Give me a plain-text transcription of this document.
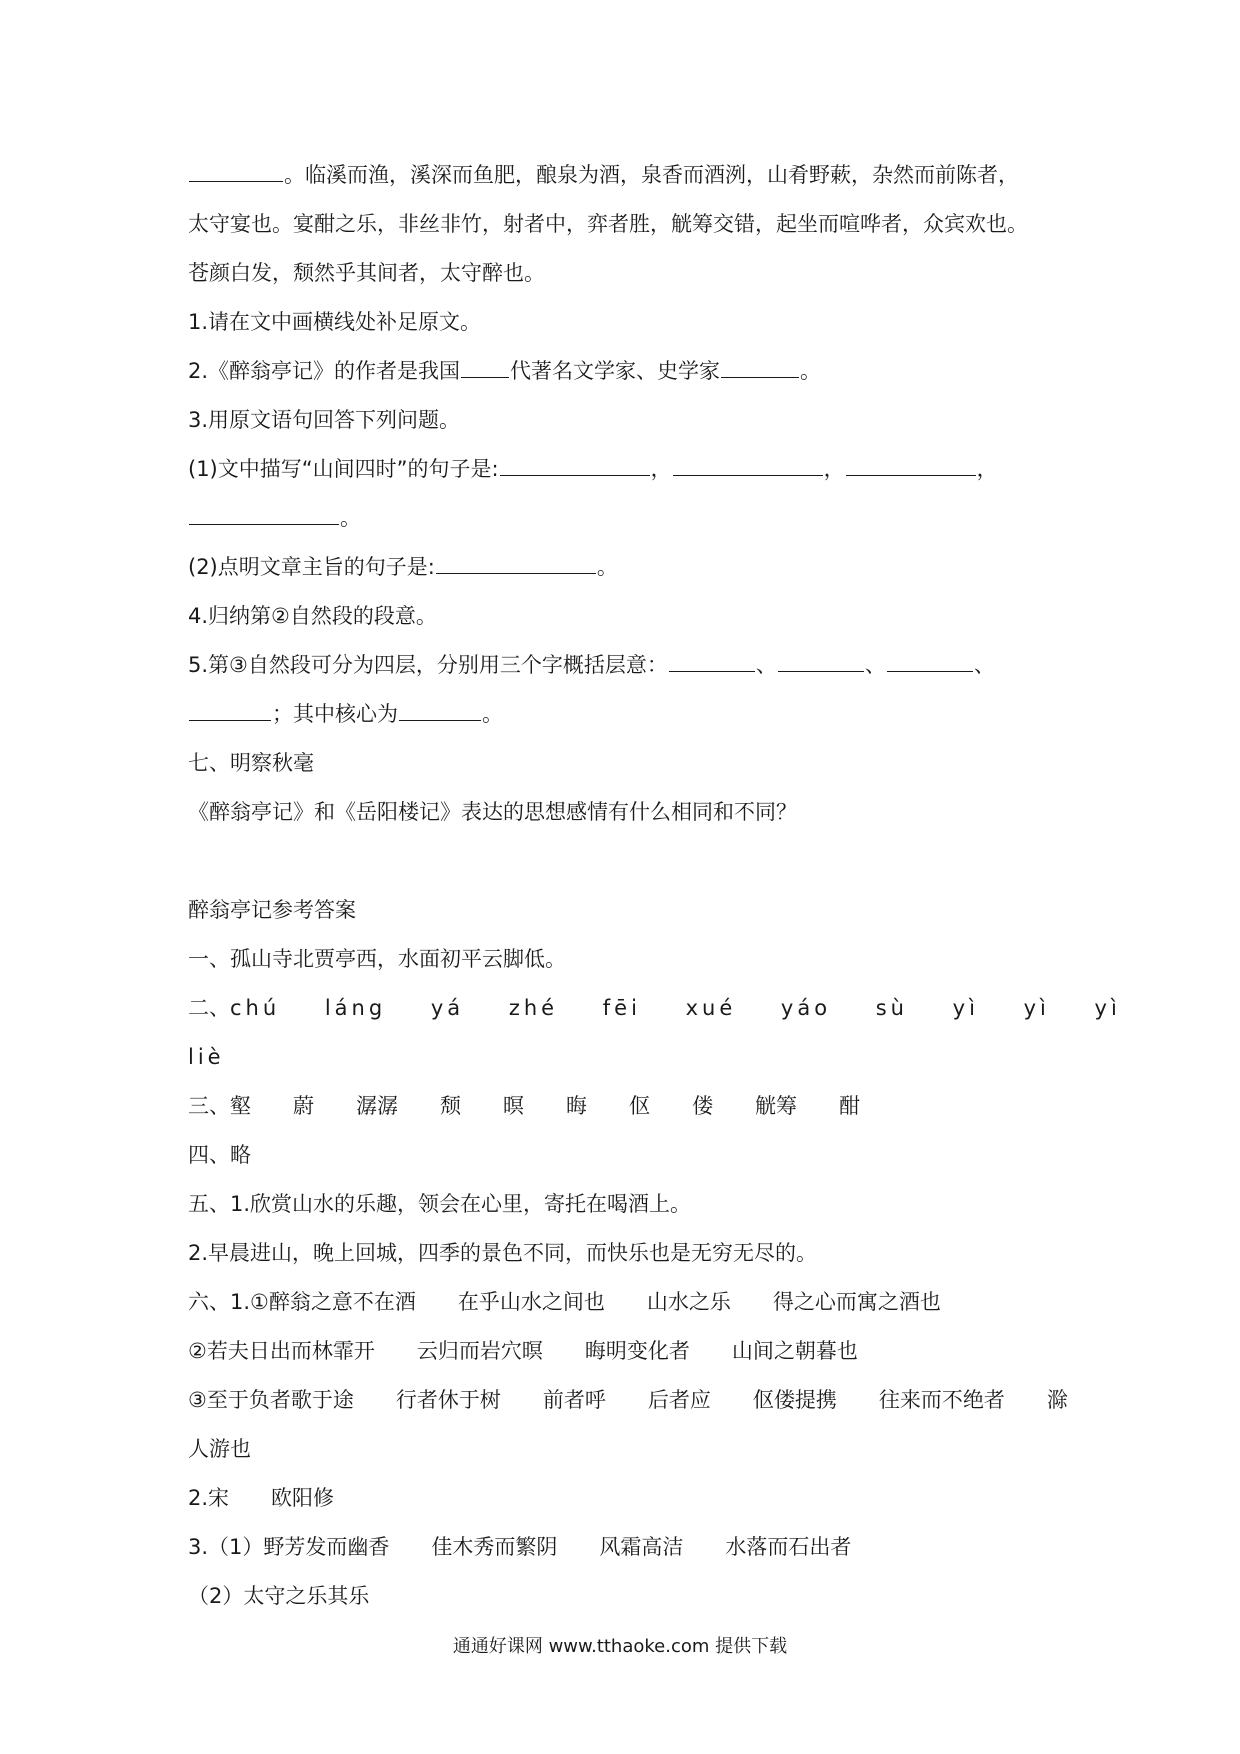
。临溪而渔，溪深而鱼肥，酿泉为酒，泉香而酒洌，山肴野蔌，杂然而前陈者，
太守宴也。宴酣之乐，非丝非竹，射者中，弈者胜，觥筹交错，起坐而喧哗者，众宾欢也。
苍颜白发，颓然乎其间者，太守醉也。
1.请在文中画横线处补足原文。
2.《醉翁亭记》的作者是我国 代著名文学家、史学家	。
3.用原文语句回答下列问题。
(1)文中描写“山间四时”的句子是:	，	，	，
。
(2)点明文章主旨的句子是:	。
4.归纳第②自然段的段意。
5.第③自然段可分为四层，分别用三个字概括层意：	、	、	、
；其中核心为	。
七、明察秋毫
《醉翁亭记》和《岳阳楼记》表达的思想感情有什么相同和不同？
醉翁亭记参考答案
一、孤山寺北贾亭西，水面初平云脚低。
二、chú láng yá zhé fēi xué yáo sù yì yì yì
liè
三、壑　　蔚　　潺潺　　颓　　暝　　晦　　伛　　偻　　觥筹　　酣
四、略
五、1.欣赏山水的乐趣，领会在心里，寄托在喝酒上。
2.早晨进山，晚上回城，四季的景色不同，而快乐也是无穷无尽的。
六、1.①醉翁之意不在酒　　在乎山水之间也　　山水之乐　　得之心而寓之酒也
②若夫日出而林霏开　　云归而岩穴暝　　晦明变化者　　山间之朝暮也
③至于负者歌于途　　行者休于树　　前者呼　　后者应　　伛偻提携　　往来而不绝者　　滁
人游也
2.宋　　欧阳修
3.（1）野芳发而幽香　　佳木秀而繁阴　　风霜高洁　　水落而石出者
（2）太守之乐其乐
通通好课网 www.tthaoke.com 提供下载
